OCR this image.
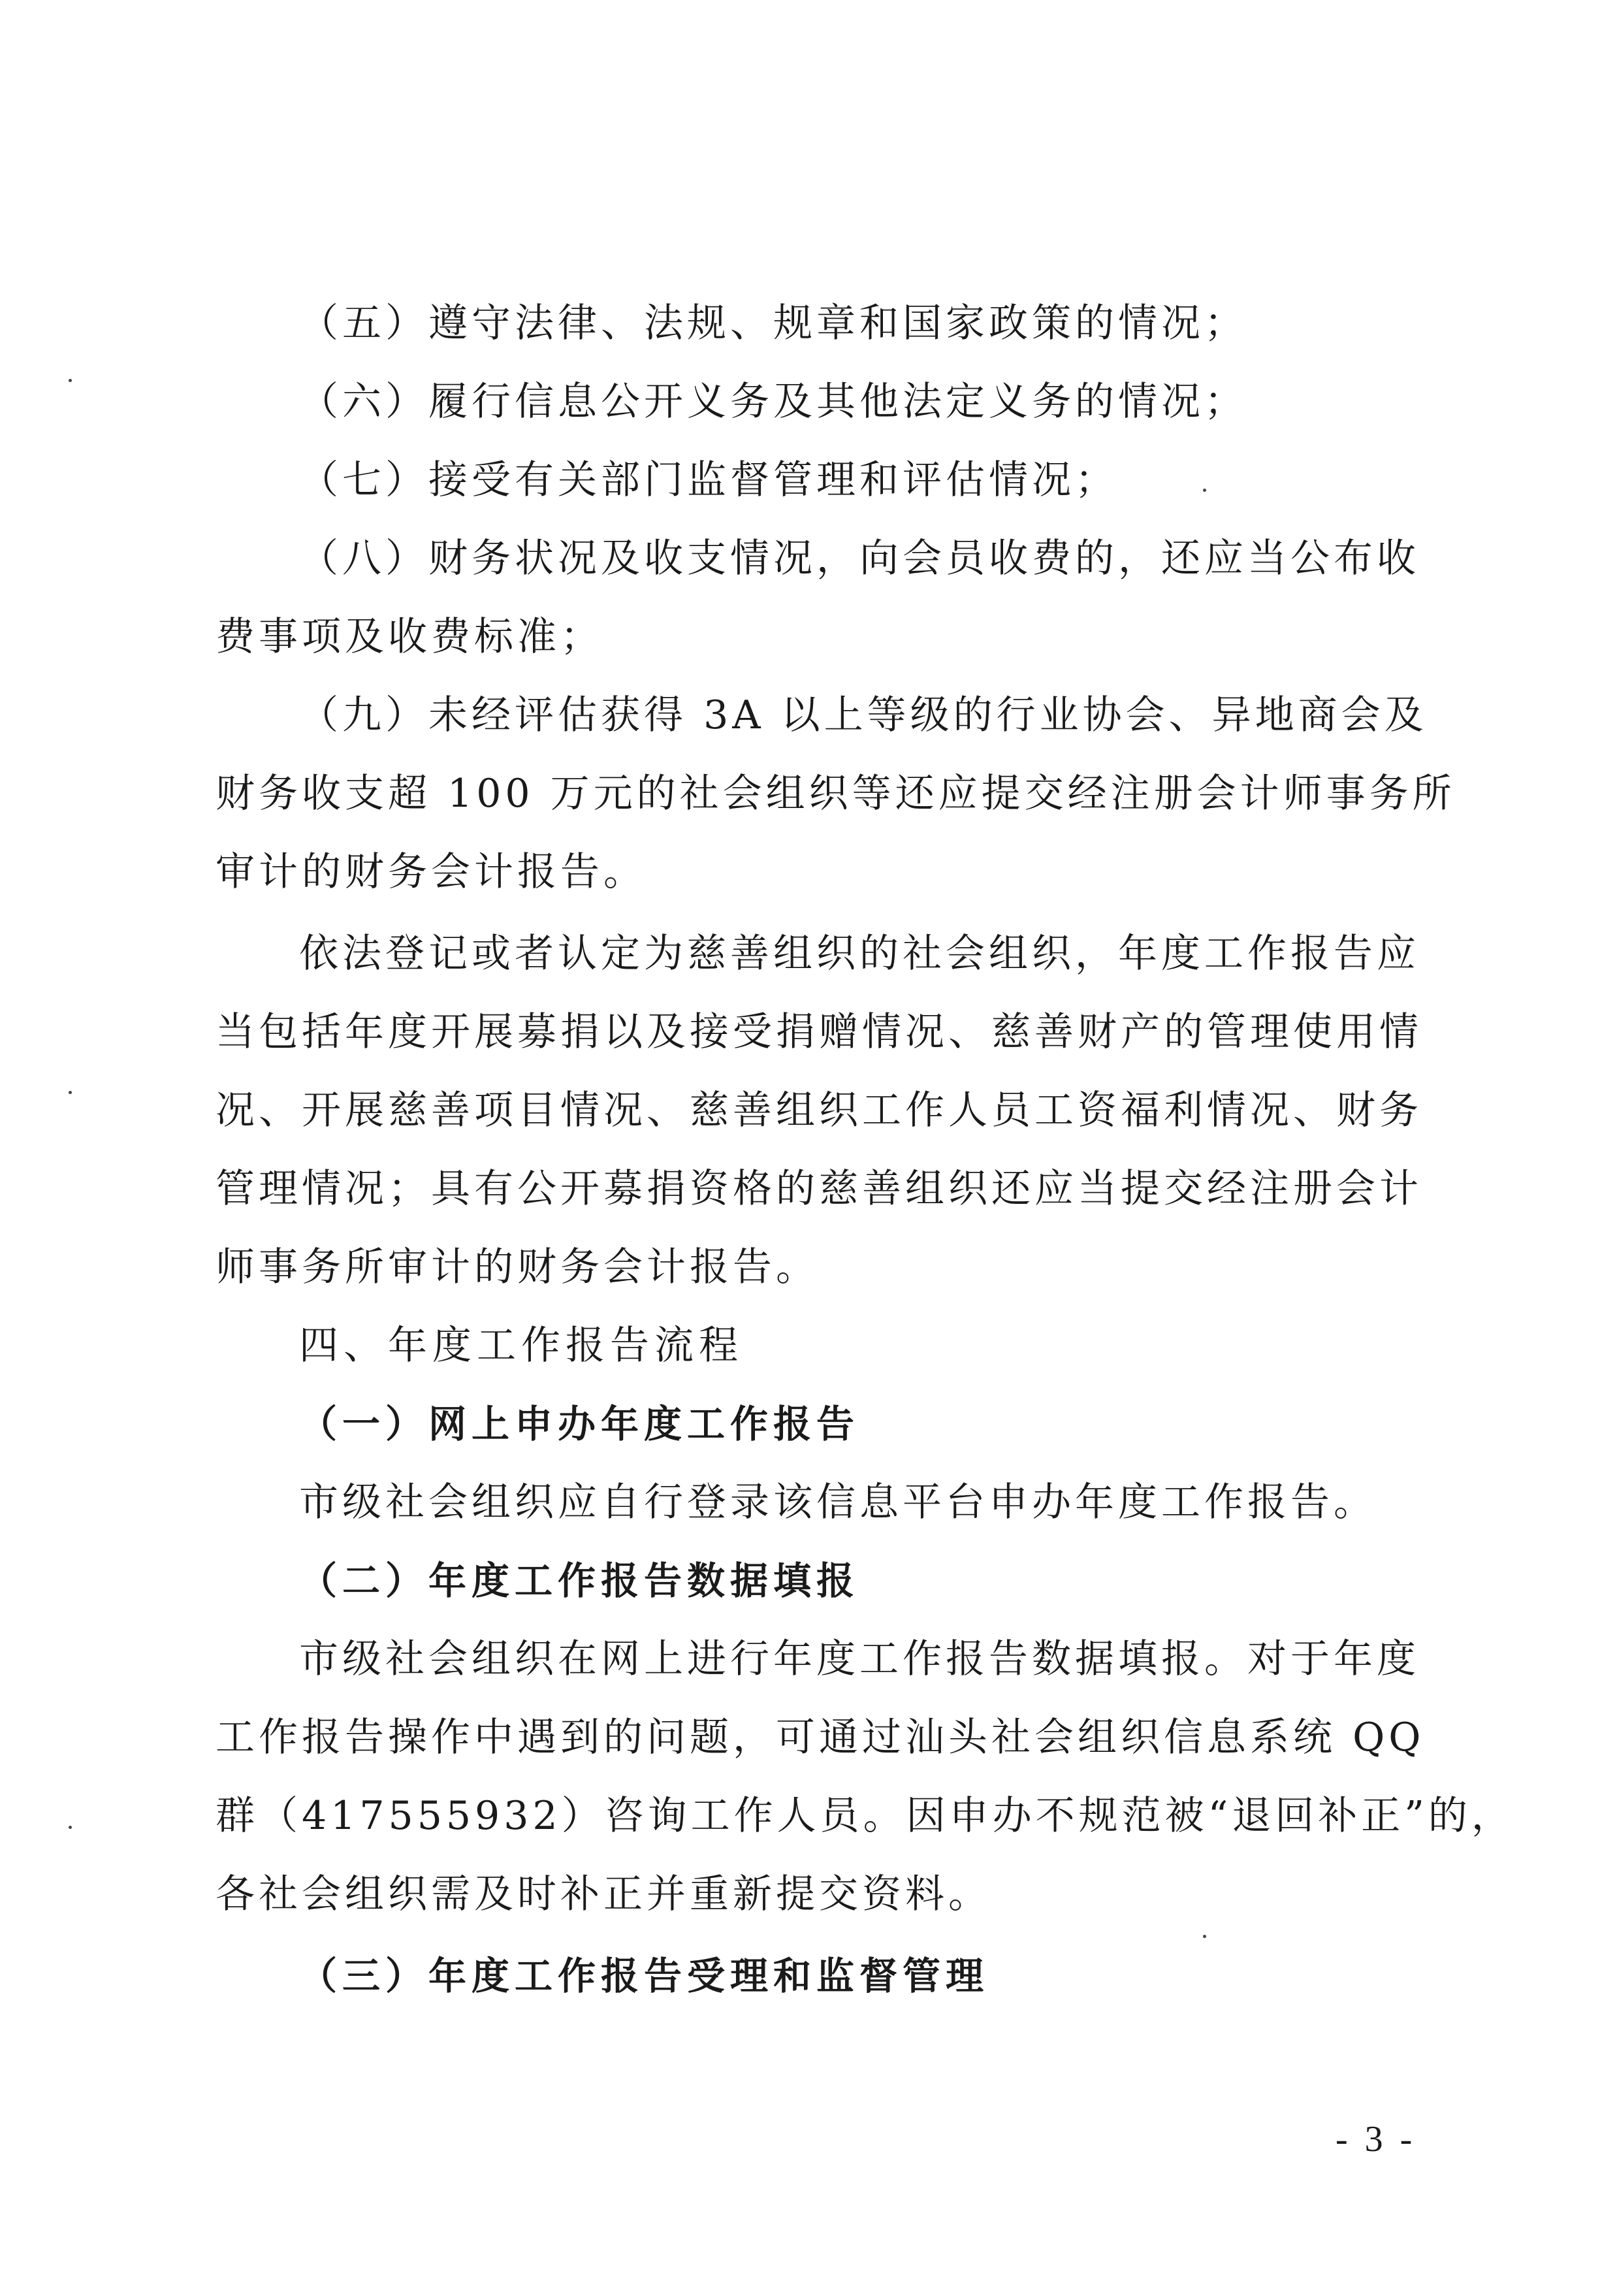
（五）遵守法律、法规、规章和国家政策的情况；
（六）履行信息公开义务及其他法定义务的情况；
（七）接受有关部门监督管理和评估情况；
（八）财务状况及收支情况，向会员收费的，还应当公布收
费事项及收费标准；
（九）未经评估获得 3A 以上等级的行业协会、异地商会及
财务收支超 100 万元的社会组织等还应提交经注册会计师事务所
审计的财务会计报告。
依法登记或者认定为慈善组织的社会组织，年度工作报告应
当包括年度开展募捐以及接受捐赠情况、慈善财产的管理使用情
况、开展慈善项目情况、慈善组织工作人员工资福利情况、财务
管理情况；具有公开募捐资格的慈善组织还应当提交经注册会计
师事务所审计的财务会计报告。
四、年度工作报告流程
（一）网上申办年度工作报告
市级社会组织应自行登录该信息平台申办年度工作报告。
（二）年度工作报告数据填报
市级社会组织在网上进行年度工作报告数据填报。对于年度
工作报告操作中遇到的问题，可通过汕头社会组织信息系统 QQ
群（417555932）咨询工作人员。因申办不规范被“退回补正”的，
各社会组织需及时补正并重新提交资料。
（三）年度工作报告受理和监督管理
- 3 -
